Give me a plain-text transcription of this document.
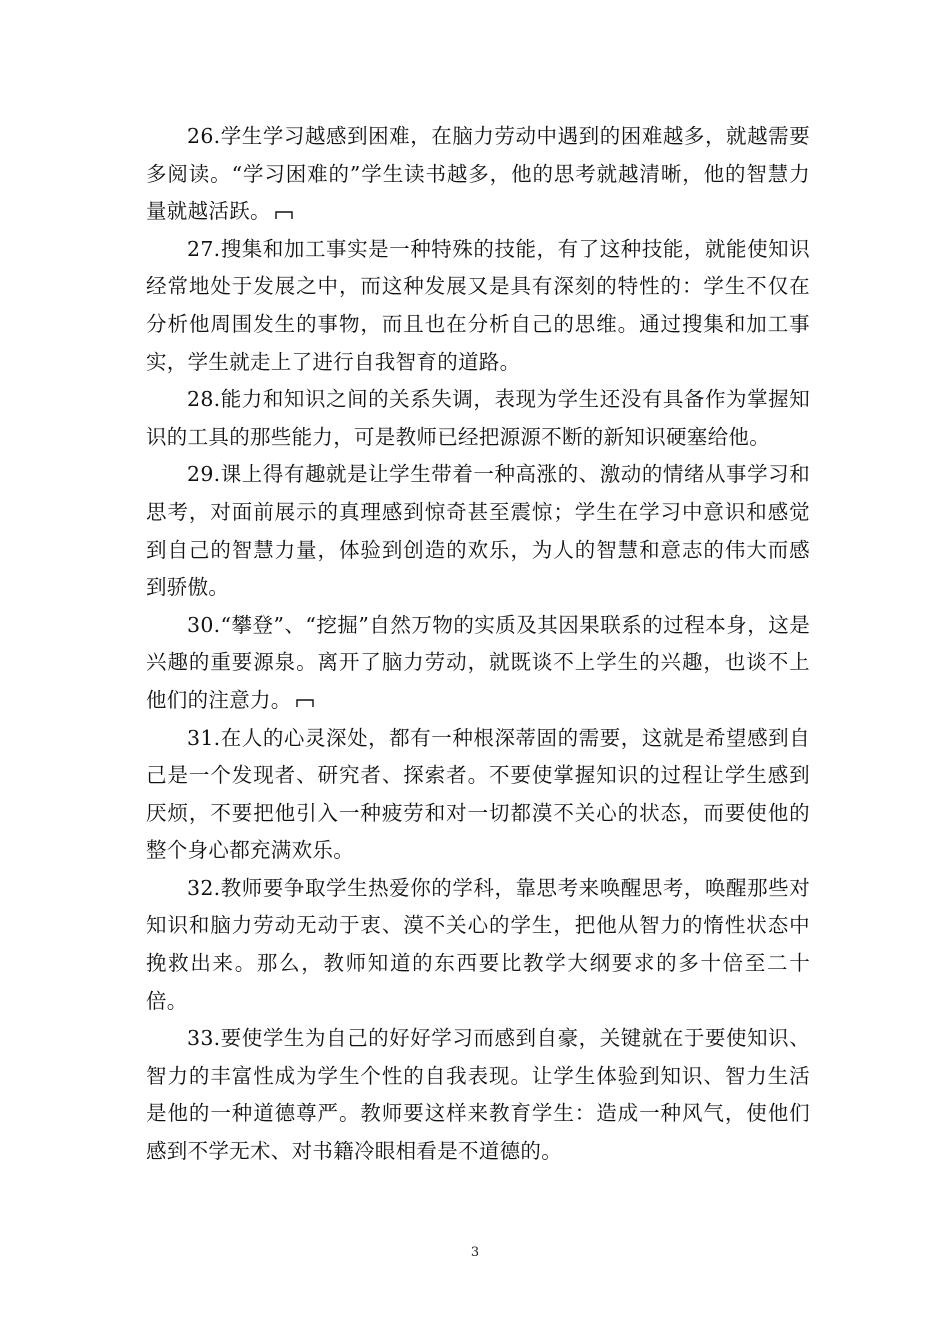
26.学生学习越感到困难，在脑力劳动中遇到的困难越多，就越需要多阅读。“学习困难的”学生读书越多，他的思考就越清晰，他的智慧力量就越活跃。

27.搜集和加工事实是一种特殊的技能，有了这种技能，就能使知识经常地处于发展之中，而这种发展又是具有深刻的特性的：学生不仅在分析他周围发生的事物，而且也在分析自己的思维。通过搜集和加工事实，学生就走上了进行自我智育的道路。

28.能力和知识之间的关系失调，表现为学生还没有具备作为掌握知识的工具的那些能力，可是教师已经把源源不断的新知识硬塞给他。

29.课上得有趣就是让学生带着一种高涨的、激动的情绪从事学习和思考，对面前展示的真理感到惊奇甚至震惊；学生在学习中意识和感觉到自己的智慧力量，体验到创造的欢乐，为人的智慧和意志的伟大而感到骄傲。

30.“攀登”、“挖掘”自然万物的实质及其因果联系的过程本身，这是兴趣的重要源泉。离开了脑力劳动，就既谈不上学生的兴趣，也谈不上他们的注意力。

31.在人的心灵深处，都有一种根深蒂固的需要，这就是希望感到自己是一个发现者、研究者、探索者。不要使掌握知识的过程让学生感到厌烦，不要把他引入一种疲劳和对一切都漠不关心的状态，而要使他的整个身心都充满欢乐。

32.教师要争取学生热爱你的学科，靠思考来唤醒思考，唤醒那些对知识和脑力劳动无动于衷、漠不关心的学生，把他从智力的惰性状态中挽救出来。那么，教师知道的东西要比教学大纲要求的多十倍至二十倍。

33.要使学生为自己的好好学习而感到自豪，关键就在于要使知识、智力的丰富性成为学生个性的自我表现。让学生体验到知识、智力生活是他的一种道德尊严。教师要这样来教育学生：造成一种风气，使他们感到不学无术、对书籍冷眼相看是不道德的。

3
